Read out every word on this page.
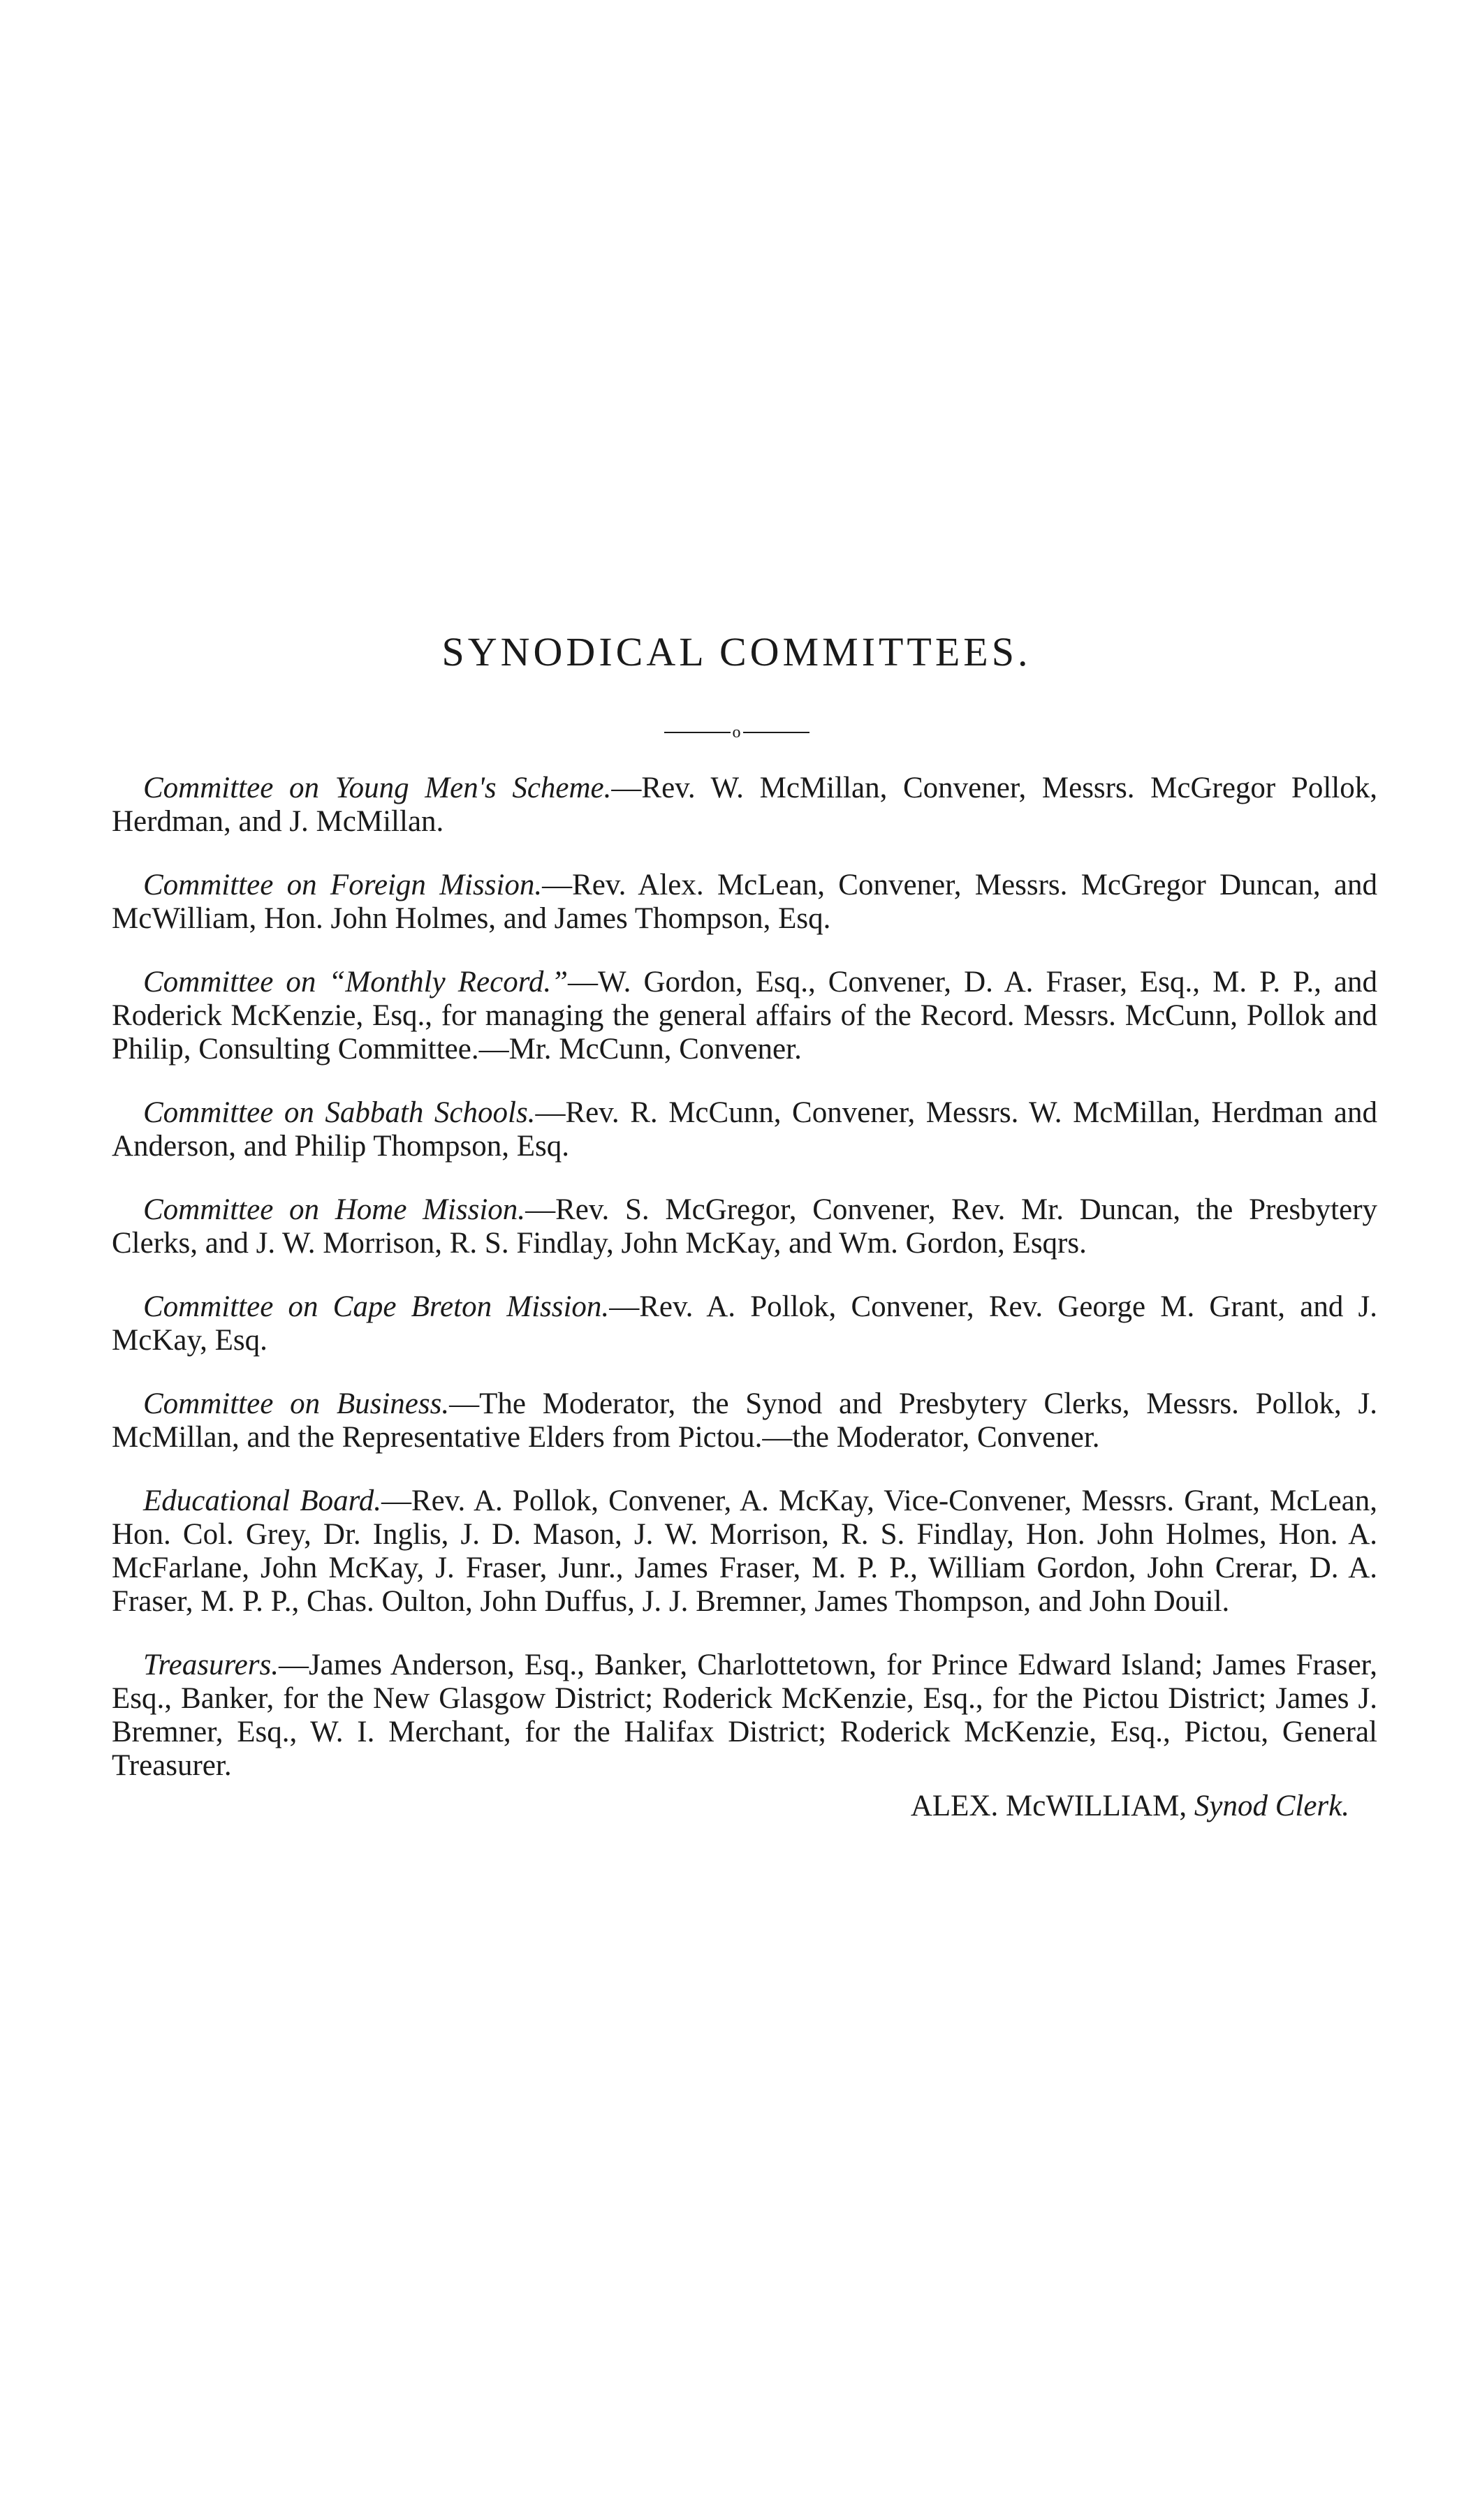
SYNODICAL COMMITTEES.
o

Committee on Young Men's Scheme.—Rev. W. McMillan, Convener, Messrs. McGregor Pollok, Herdman, and J. McMillan.

Committee on Foreign Mission.—Rev. Alex. McLean, Convener, Messrs. McGregor Duncan, and McWilliam, Hon. John Holmes, and James Thompson, Esq.

Committee on “Monthly Record.”—W. Gordon, Esq., Convener, D. A. Fraser, Esq., M. P. P., and Roderick McKenzie, Esq., for managing the general affairs of the Record. Messrs. McCunn, Pollok and Philip, Consulting Committee.—Mr. McCunn, Convener.

Committee on Sabbath Schools.—Rev. R. McCunn, Convener, Messrs. W. McMillan, Herdman and Anderson, and Philip Thompson, Esq.

Committee on Home Mission.—Rev. S. McGregor, Convener, Rev. Mr. Duncan, the Presbytery Clerks, and J. W. Morrison, R. S. Findlay, John McKay, and Wm. Gordon, Esqrs.

Committee on Cape Breton Mission.—Rev. A. Pollok, Convener, Rev. George M. Grant, and J. McKay, Esq.

Committee on Business.—The Moderator, the Synod and Presbytery Clerks, Messrs. Pollok, J. McMillan, and the Representative Elders from Pictou.—the Moderator, Convener.

Educational Board.—Rev. A. Pollok, Convener, A. McKay, Vice-Convener, Messrs. Grant, McLean, Hon. Col. Grey, Dr. Inglis, J. D. Mason, J. W. Morrison, R. S. Findlay, Hon. John Holmes, Hon. A. McFarlane, John McKay, J. Fraser, Junr., James Fraser, M. P. P., William Gordon, John Crerar, D. A. Fraser, M. P. P., Chas. Oulton, John Duffus, J. J. Bremner, James Thompson, and John Douil.

Treasurers.—James Anderson, Esq., Banker, Charlottetown, for Prince Edward Island; James Fraser, Esq., Banker, for the New Glasgow District; Roderick McKenzie, Esq., for the Pictou District; James J. Bremner, Esq., W. I. Merchant, for the Halifax District; Roderick McKenzie, Esq., Pictou, General Treasurer.

ALEX. McWILLIAM, Synod Clerk.
